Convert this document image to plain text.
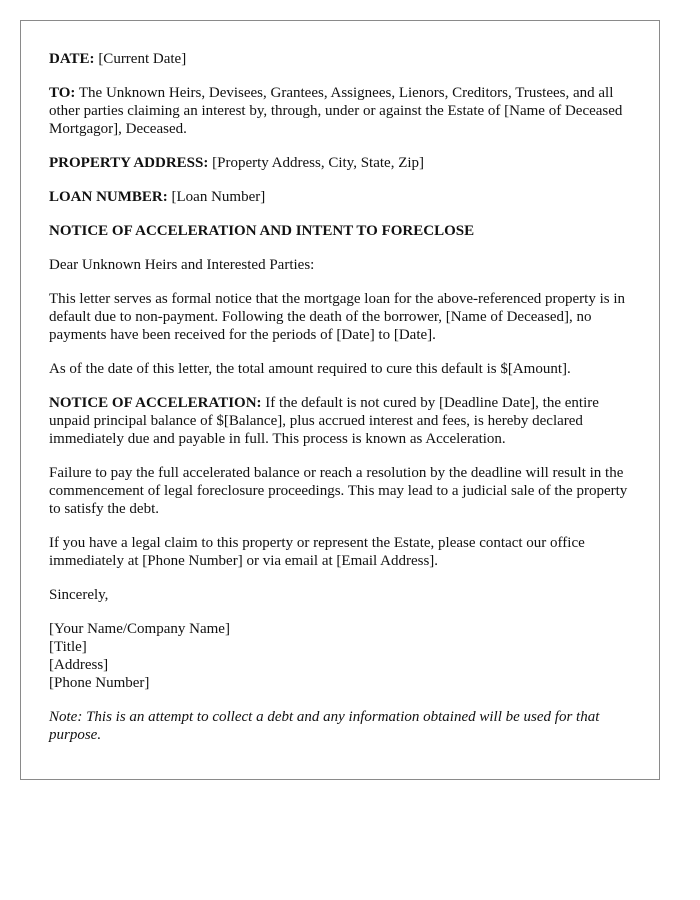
DATE: [Current Date]

TO: The Unknown Heirs, Devisees, Grantees, Assignees, Lienors, Creditors, Trustees, and all other parties claiming an interest by, through, under or against the Estate of [Name of Deceased Mortgagor], Deceased.

PROPERTY ADDRESS: [Property Address, City, State, Zip]

LOAN NUMBER: [Loan Number]

NOTICE OF ACCELERATION AND INTENT TO FORECLOSE

Dear Unknown Heirs and Interested Parties:

This letter serves as formal notice that the mortgage loan for the above-referenced property is in default due to non-payment. Following the death of the borrower, [Name of Deceased], no payments have been received for the periods of [Date] to [Date].

As of the date of this letter, the total amount required to cure this default is $[Amount].

NOTICE OF ACCELERATION: If the default is not cured by [Deadline Date], the entire unpaid principal balance of $[Balance], plus accrued interest and fees, is hereby declared immediately due and payable in full. This process is known as Acceleration.

Failure to pay the full accelerated balance or reach a resolution by the deadline will result in the commencement of legal foreclosure proceedings. This may lead to a judicial sale of the property to satisfy the debt.

If you have a legal claim to this property or represent the Estate, please contact our office immediately at [Phone Number] or via email at [Email Address].

Sincerely,

[Your Name/Company Name]
[Title]
[Address]
[Phone Number]

Note: This is an attempt to collect a debt and any information obtained will be used for that purpose.
